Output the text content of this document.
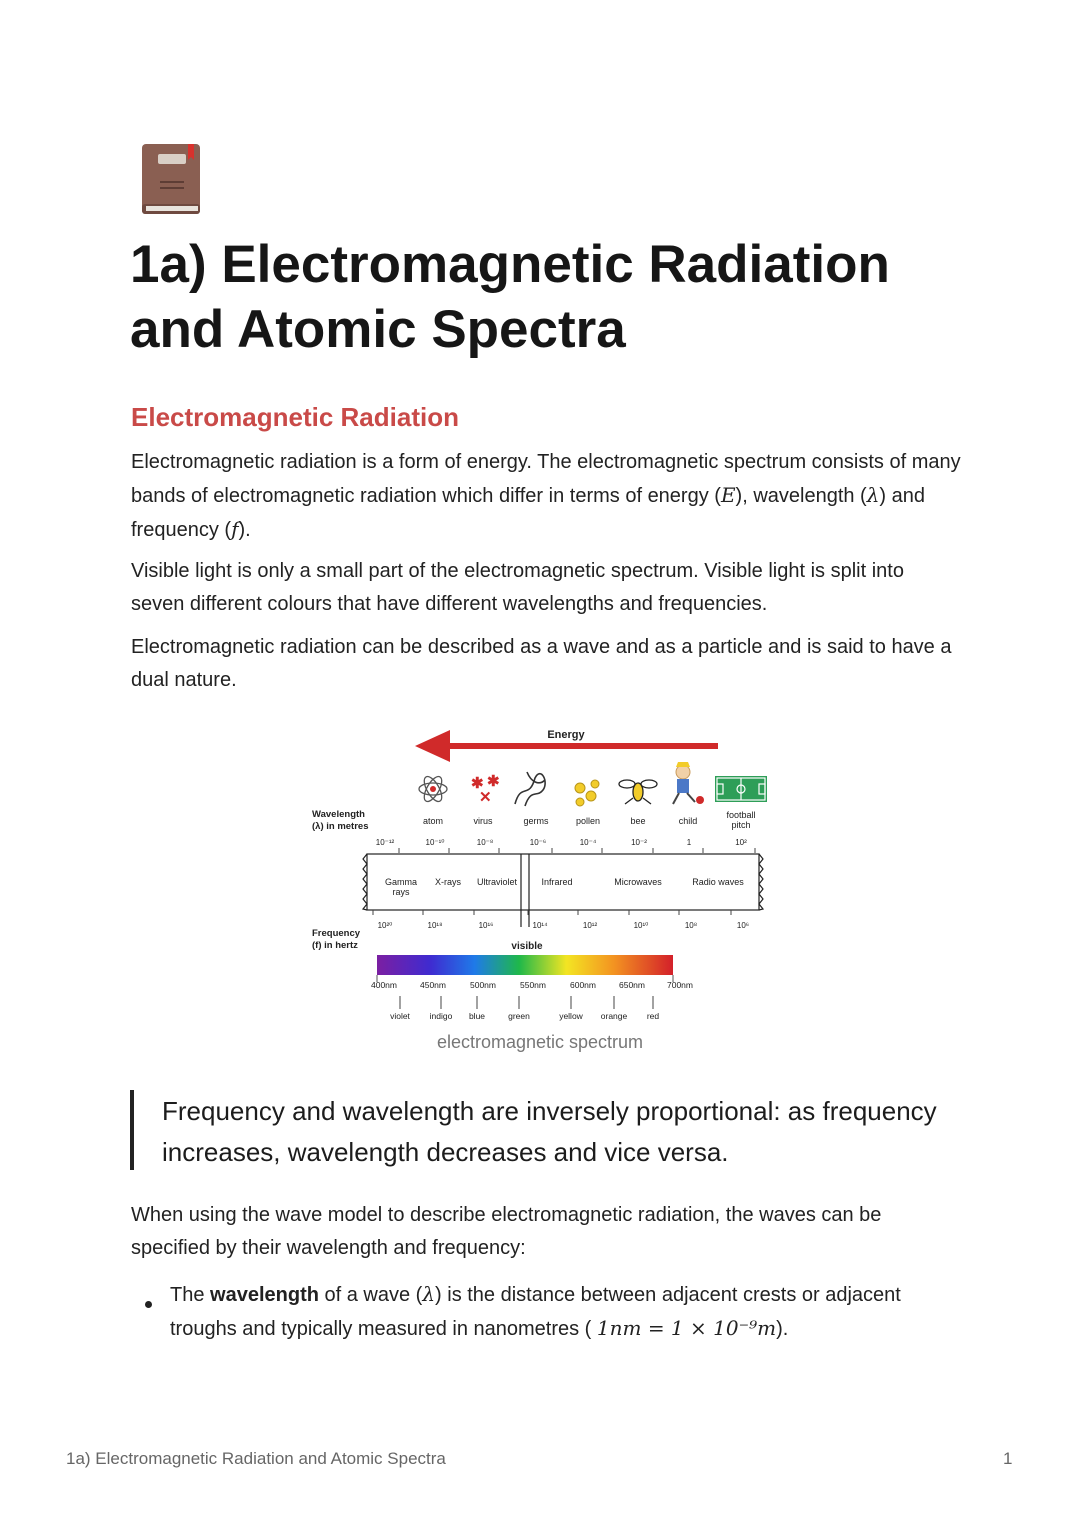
1a) Electromagnetic Radiation and Atomic Spectra
Electromagnetic Radiation

Electromagnetic radiation is a form of energy. The electromagnetic spectrum consists of many bands of electromagnetic radiation which differ in terms of energy (E), wavelength (λ) and frequency (f).

Visible light is only a small part of the electromagnetic spectrum. Visible light is split into seven different colours that have different wavelengths and frequencies.

Electromagnetic radiation can be described as a wave and as a particle and is said to have a dual nature.

Energy
✱ ✱
✕
Wavelength
(λ) in metres
Frequency
(f) in hertz
atom	virus	germs	pollen	bee	child
football
pitch
10⁻¹²	10⁻¹⁰	10⁻⁸	10⁻⁶	10⁻⁴	10⁻²	1	10²
Gamma
rays
X-rays Ultraviolet	Infrared	Microwaves	Radio waves
10²⁰	10¹⁸	10¹⁶	10¹⁴	10¹²	10¹⁰	10⁸	10⁶
visible
400nm	450nm	500nm	550nm	600nm	650nm	700nm
violet indigo blue	green	yellow orange red
electromagnetic spectrum

Frequency and wavelength are inversely proportional: as frequency increases, wavelength decreases and vice versa.

When using the wave model to describe electromagnetic radiation, the waves can be specified by their wavelength and frequency:

The wavelength of a wave (λ) is the distance between adjacent crests or adjacent troughs and typically measured in nanometres ( 1nm = 1 × 10⁻⁹m).

1a) Electromagnetic Radiation and Atomic Spectra	1
